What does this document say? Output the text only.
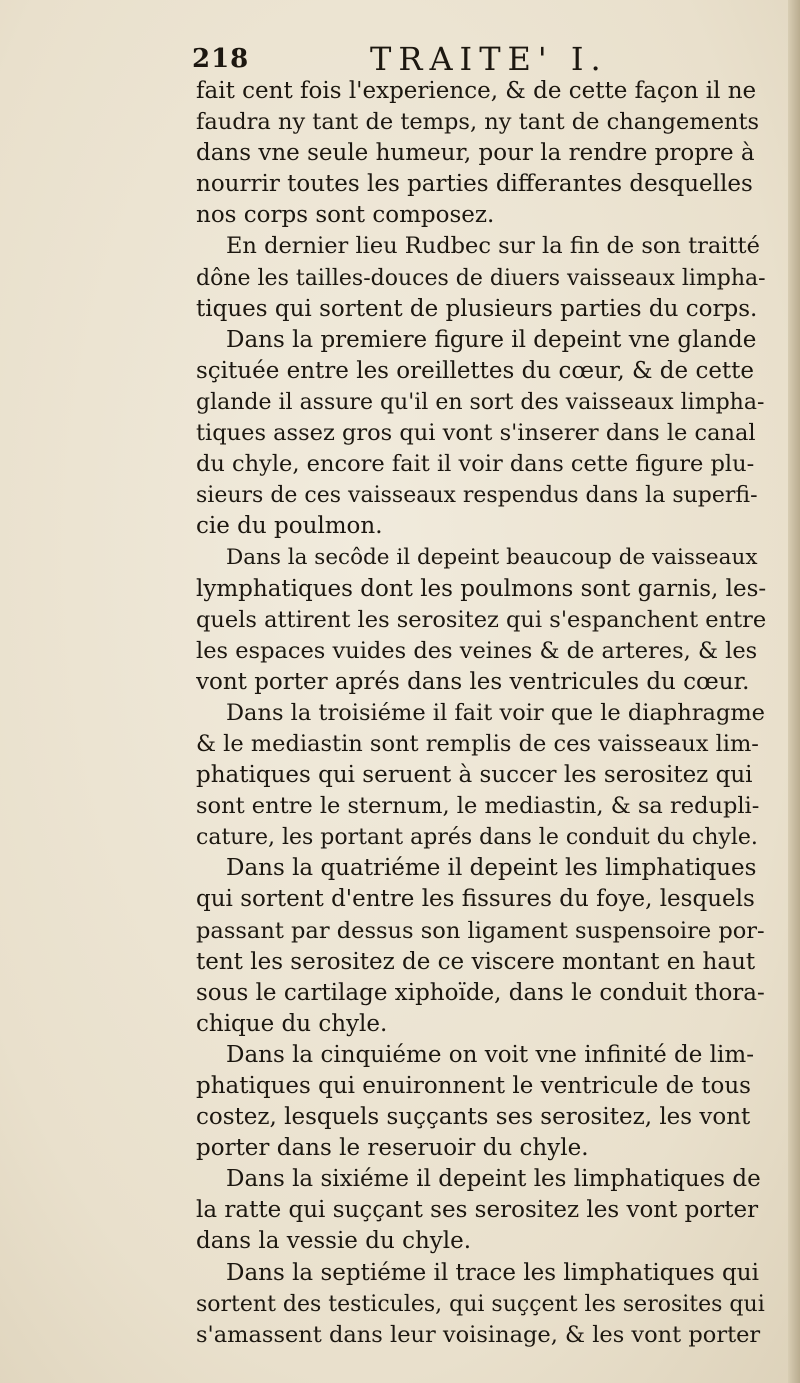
218	TRAITE' I.
fait cent fois l'experience, & de cette façon il ne
faudra ny tant de temps, ny tant de changements
dans vne seule humeur, pour la rendre propre à
nourrir toutes les parties differantes desquelles
nos corps sont composez.
En dernier lieu Rudbec sur la fin de son traitté
dône les tailles-douces de diuers vaisseaux limpha-
tiques qui sortent de plusieurs parties du corps.
Dans la premiere figure il depeint vne glande
sçituée entre les oreillettes du cœur, & de cette
glande il assure qu'il en sort des vaisseaux limpha-
tiques assez gros qui vont s'inserer dans le canal
du chyle, encore fait il voir dans cette figure plu-
sieurs de ces vaisseaux respendus dans la superfi-
cie du poulmon.
Dans la secôde il depeint beaucoup de vaisseaux
lymphatiques dont les poulmons sont garnis, les-
quels attirent les serositez qui s'espanchent entre
les espaces vuides des veines & de arteres, & les
vont porter aprés dans les ventricules du cœur.
Dans la troisiéme il fait voir que le diaphragme
& le mediastin sont remplis de ces vaisseaux lim-
phatiques qui seruent à succer les serositez qui
sont entre le sternum, le mediastin, & sa redupli-
cature, les portant aprés dans le conduit du chyle.
Dans la quatriéme il depeint les limphatiques
qui sortent d'entre les fissures du foye, lesquels
passant par dessus son ligament suspensoire por-
tent les serositez de ce viscere montant en haut
sous le cartilage xiphoïde, dans le conduit thora-
chique du chyle.
Dans la cinquiéme on voit vne infinité de lim-
phatiques qui enuironnent le ventricule de tous
costez, lesquels suççants ses serositez, les vont
porter dans le reseruoir du chyle.
Dans la sixiéme il depeint les limphatiques de
la ratte qui suççant ses serositez les vont porter
dans la vessie du chyle.
Dans la septiéme il trace les limphatiques qui
sortent des testicules, qui suççent les serosites qui
s'amassent dans leur voisinage, & les vont porter
